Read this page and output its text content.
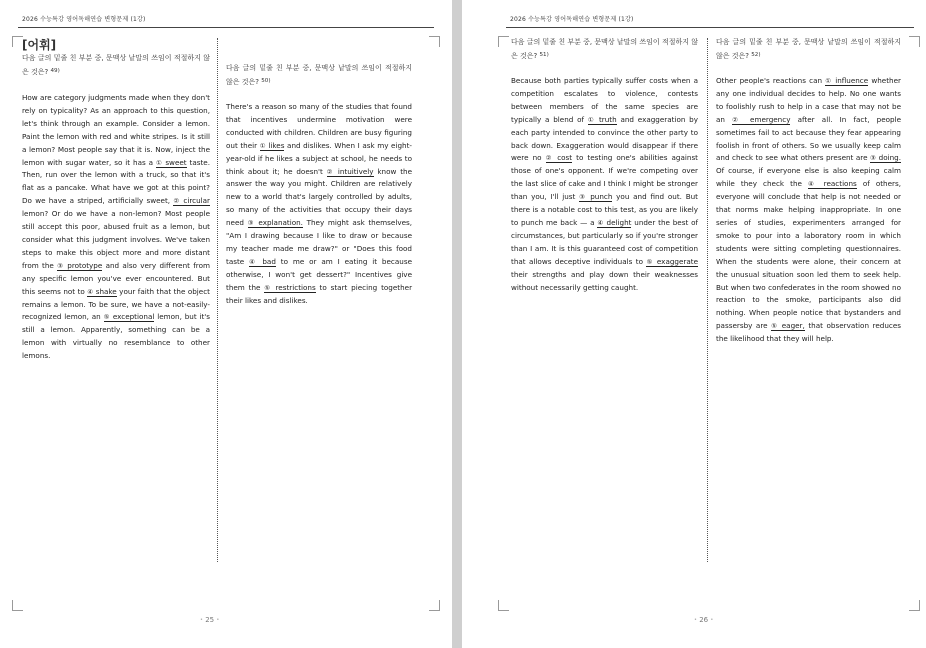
2026 수능특강 영어독해연습 변형문제 (1강)

[어휘]

다음 글의 밑줄 친 부분 중, 문맥상 낱말의 쓰임이 적절하지 않은 것은? $^{49)}$

How are category judgments made when they don't rely on typicality? As an approach to this question, let's think through an example. Consider a lemon. Paint the lemon with red and white stripes. Is it still a lemon? Most people say that it is. Now, inject the lemon with sugar water, so it has a ① sweet taste. Then, run over the lemon with a truck, so that it's flat as a pancake. What have we got at this point? Do we have a striped, artificially sweet, ② circular lemon? Or do we have a non-lemon? Most people still accept this poor, abused fruit as a lemon, but consider what this judgment involves. We've taken steps to make this object more and more distant from the ③ prototype and also very different from any specific lemon you've ever encountered. But this seems not to ④ shake your faith that the object remains a lemon. To be sure, we have a not-easily-recognized lemon, an ⑤ exceptional lemon, but it's still a lemon. Apparently, something can be a lemon with virtually no resemblance to other lemons.

다음 글의 밑줄 친 부분 중, 문맥상 낱말의 쓰임이 적절하지 않은 것은? $^{50)}$

There's a reason so many of the studies that found that incentives undermine motivation were conducted with children. Children are busy figuring out their ① likes and dislikes. When I ask my eight-year-old if he likes a subject at school, he needs to think about it; he doesn't ② intuitively know the answer the way you might. Children are relatively new to a world that's largely controlled by adults, so many of the activities that occupy their days need ③ explanation. They might ask themselves, "Am I drawing because I like to draw or because my teacher made me draw?" or "Does this food taste ④ bad to me or am I eating it because otherwise, I won't get dessert?" Incentives give them the ⑤ restrictions to start piecing together their likes and dislikes.

• 25 •
2026 수능특강 영어독해연습 변형문제 (1강)

다음 글의 밑줄 친 부분 중, 문맥상 낱말의 쓰임이 적절하지 않은 것은? $^{51)}$

Because both parties typically suffer costs when a competition escalates to violence, contests between members of the same species are typically a blend of ① truth and exaggeration by each party intended to convince the other party to back down. Exaggeration would disappear if there were no ② cost to testing one's abilities against those of one's opponent. If we're competing over the last slice of cake and I think I might be stronger than you, I'll just ③ punch you and find out. But there is a notable cost to this test, as you are likely to punch me back — a ④ delight under the best of circumstances, but particularly so if you're stronger than I am. It is this guaranteed cost of competition that allows deceptive individuals to ⑤ exaggerate their strengths and play down their weaknesses without necessarily getting caught.

다음 글의 밑줄 친 부분 중, 문맥상 낱말의 쓰임이 적절하지 않은 것은? $^{52)}$

Other people's reactions can ① influence whether any one individual decides to help. No one wants to foolishly rush to help in a case that may not be an ② emergency after all. In fact, people sometimes fail to act because they fear appearing foolish in front of others. So we usually keep calm and check to see what others present are ③ doing. Of course, if everyone else is also keeping calm while they check the ④ reactions of others, everyone will conclude that help is not needed or that norms make helping inappropriate. In one series of studies, experimenters arranged for smoke to pour into a laboratory room in which students were sitting completing questionnaires. When the students were alone, their concern at the unusual situation soon led them to seek help. But when two confederates in the room showed no reaction to the smoke, participants also did nothing. When people notice that bystanders and passersby are ⑤ eager, that observation reduces the likelihood that they will help.

• 26 •
